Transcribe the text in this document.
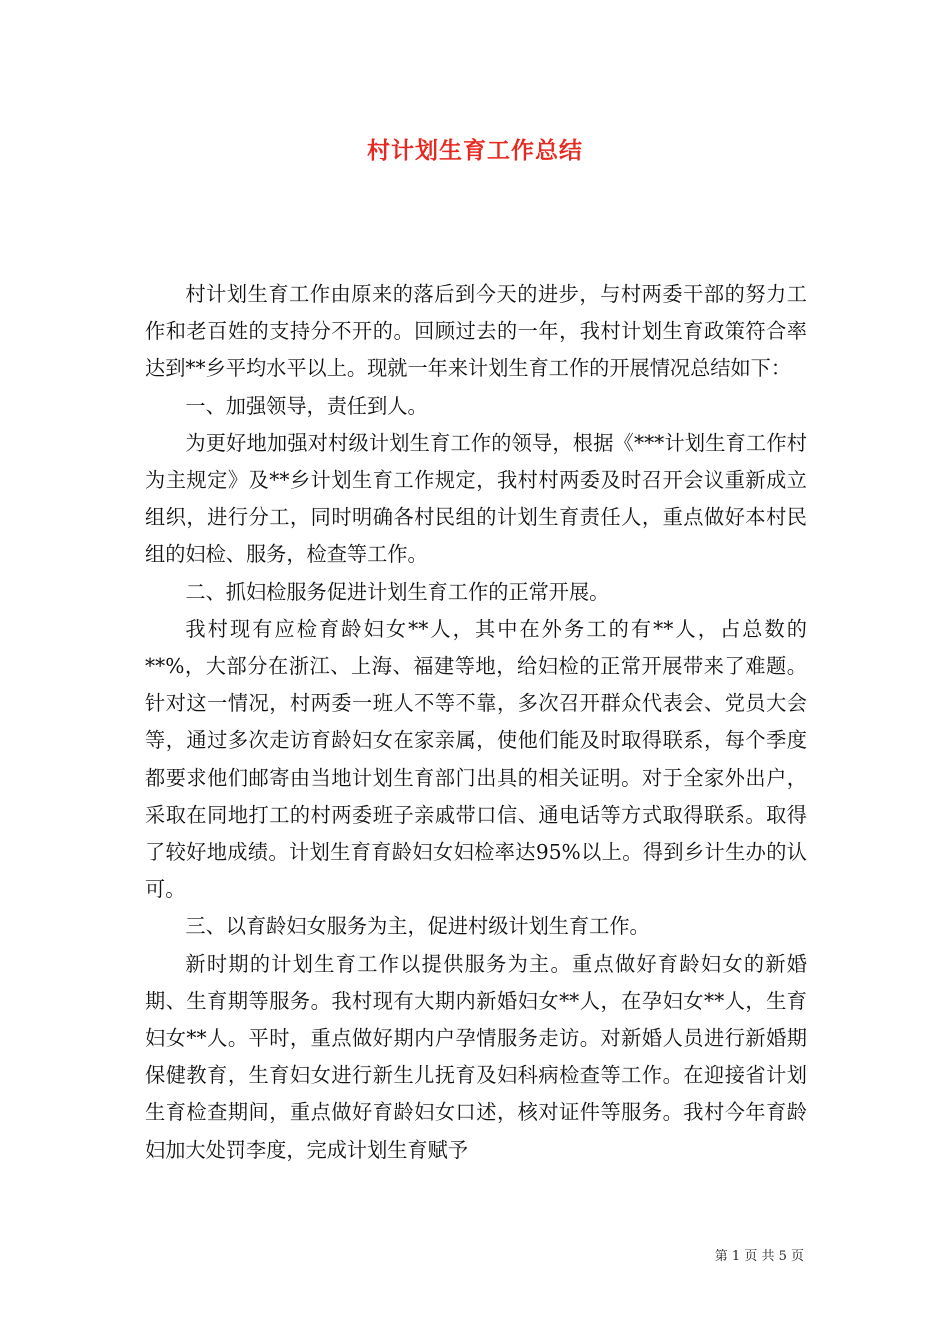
村计划生育工作总结

村计划生育工作由原来的落后到今天的进步，与村两委干部的努力工作和老百姓的支持分不开的。回顾过去的一年，我村计划生育政策符合率达到**乡平均水平以上。现就一年来计划生育工作的开展情况总结如下：

一、加强领导，责任到人。

为更好地加强对村级计划生育工作的领导，根据《***计划生育工作村为主规定》及**乡计划生育工作规定，我村村两委及时召开会议重新成立组织，进行分工，同时明确各村民组的计划生育责任人，重点做好本村民组的妇检、服务，检查等工作。

二、抓妇检服务促进计划生育工作的正常开展。

我村现有应检育龄妇女**人，其中在外务工的有**人，占总数的**%，大部分在浙江、上海、福建等地，给妇检的正常开展带来了难题。针对这一情况，村两委一班人不等不靠，多次召开群众代表会、党员大会等，通过多次走访育龄妇女在家亲属，使他们能及时取得联系，每个季度都要求他们邮寄由当地计划生育部门出具的相关证明。对于全家外出户，采取在同地打工的村两委班子亲戚带口信、通电话等方式取得联系。取得了较好地成绩。计划生育育龄妇女妇检率达95%以上。得到乡计生办的认可。

三、以育龄妇女服务为主，促进村级计划生育工作。

新时期的计划生育工作以提供服务为主。重点做好育龄妇女的新婚期、生育期等服务。我村现有大期内新婚妇女**人，在孕妇女**人，生育妇女**人。平时，重点做好期内户孕情服务走访。对新婚人员进行新婚期保健教育，生育妇女进行新生儿抚育及妇科病检查等工作。在迎接省计划生育检查期间，重点做好育龄妇女口述，核对证件等服务。我村今年育龄妇加大处罚李度，完成计划生育赋予

第 1 页 共 5 页
